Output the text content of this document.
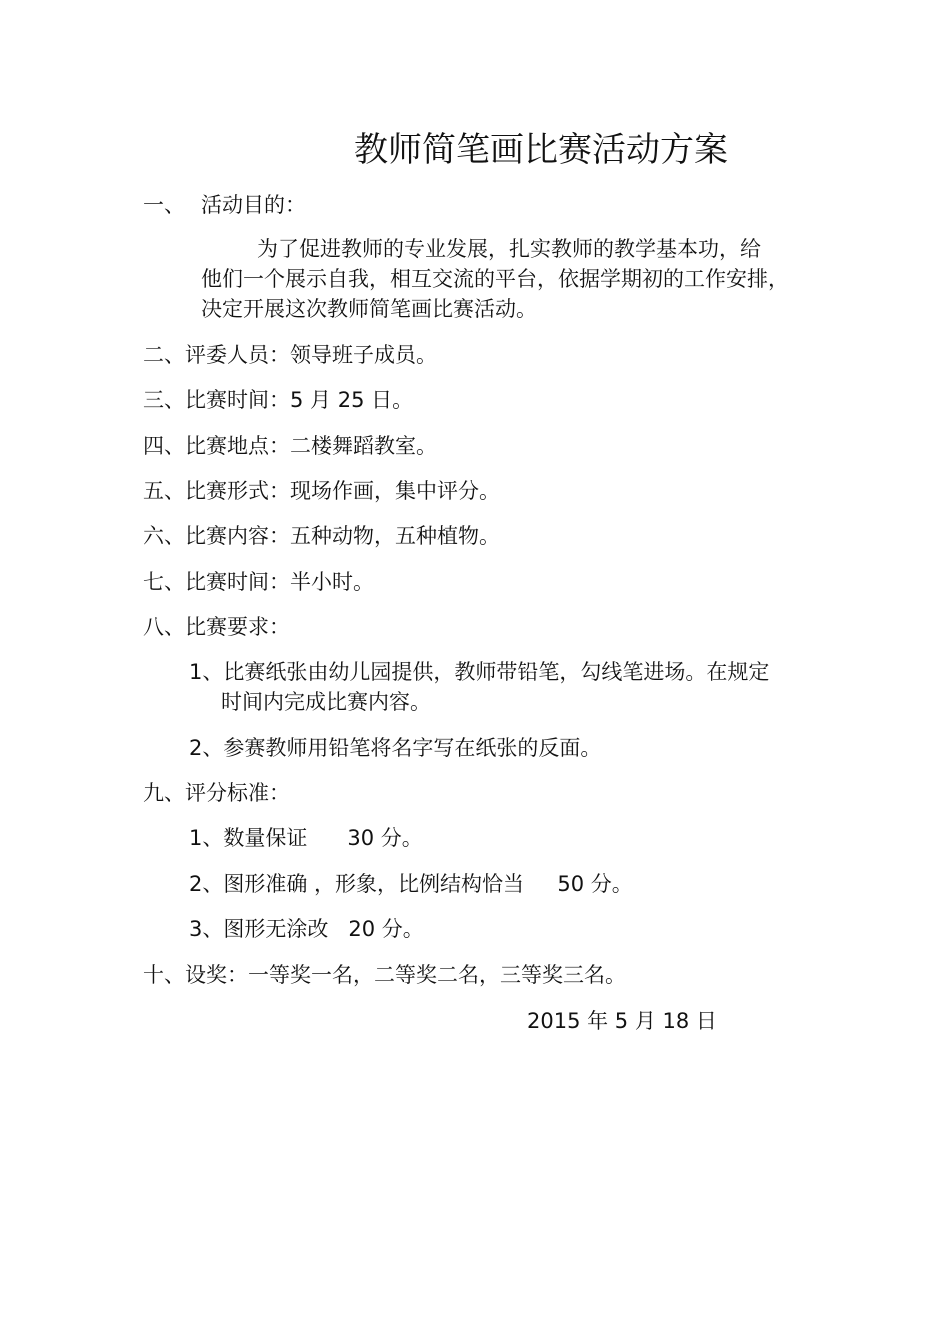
教师简笔画比赛活动方案
一、 活动目的：
为了促进教师的专业发展，扎实教师的教学基本功，给
他们一个展示自我，相互交流的平台，依据学期初的工作安排，
决定开展这次教师简笔画比赛活动。
二、评委人员：领导班子成员。
三、比赛时间：5 月 25 日。
四、比赛地点：二楼舞蹈教室。
五、比赛形式：现场作画，集中评分。
六、比赛内容：五种动物，五种植物。
七、比赛时间：半小时。
八、比赛要求：
1、比赛纸张由幼儿园提供，教师带铅笔，勾线笔进场。在规定
时间内完成比赛内容。
2、参赛教师用铅笔将名字写在纸张的反面。
九、评分标准：
1、数量保证      30 分。
2、图形准确 ，形象，比例结构恰当     50 分。
3、图形无涂改   20 分。
十、设奖：一等奖一名，二等奖二名，三等奖三名。
2015 年 5 月 18 日
